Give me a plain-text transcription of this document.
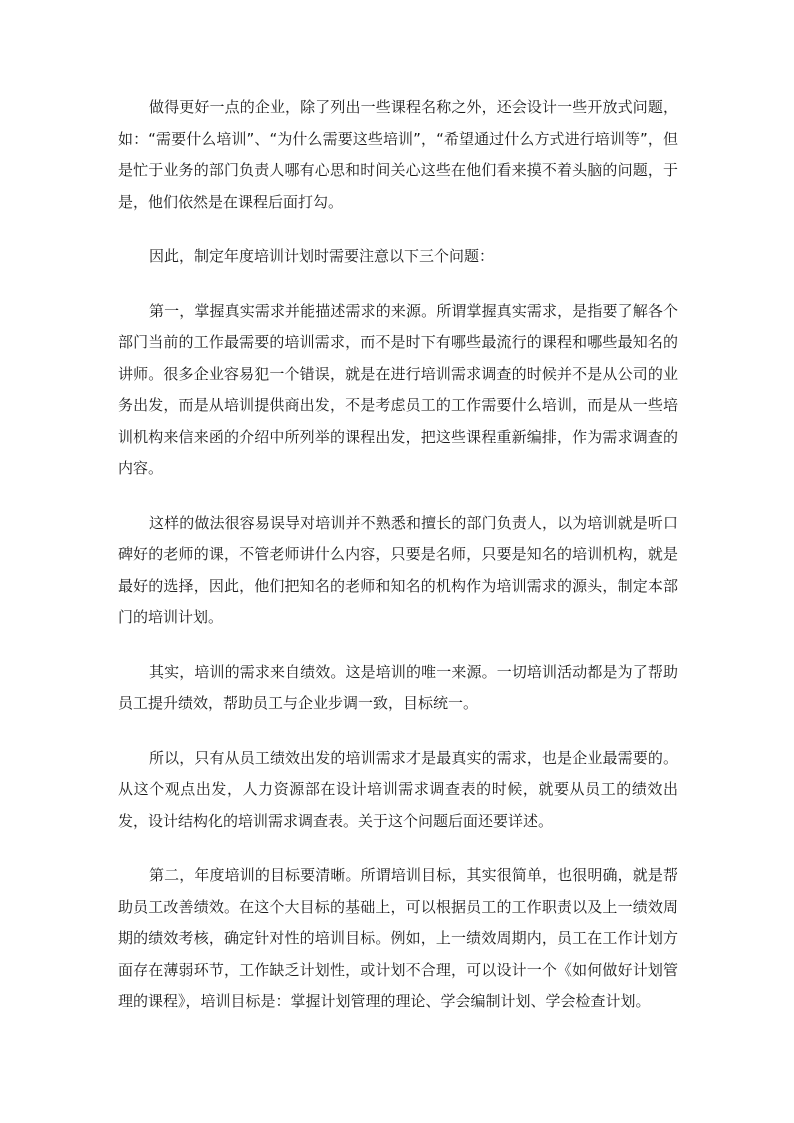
做得更好一点的企业，除了列出一些课程名称之外，还会设计一些开放式问题，如：“需要什么培训”、“为什么需要这些培训”，“希望通过什么方式进行培训等”，但是忙于业务的部门负责人哪有心思和时间关心这些在他们看来摸不着头脑的问题，于是，他们依然是在课程后面打勾。

因此，制定年度培训计划时需要注意以下三个问题：

第一，掌握真实需求并能描述需求的来源。所谓掌握真实需求，是指要了解各个部门当前的工作最需要的培训需求，而不是时下有哪些最流行的课程和哪些最知名的讲师。很多企业容易犯一个错误，就是在进行培训需求调查的时候并不是从公司的业务出发，而是从培训提供商出发，不是考虑员工的工作需要什么培训，而是从一些培训机构来信来函的介绍中所列举的课程出发，把这些课程重新编排，作为需求调查的内容。

这样的做法很容易误导对培训并不熟悉和擅长的部门负责人，以为培训就是听口碑好的老师的课，不管老师讲什么内容，只要是名师，只要是知名的培训机构，就是最好的选择，因此，他们把知名的老师和知名的机构作为培训需求的源头，制定本部门的培训计划。

其实，培训的需求来自绩效。这是培训的唯一来源。一切培训活动都是为了帮助员工提升绩效，帮助员工与企业步调一致，目标统一。

所以，只有从员工绩效出发的培训需求才是最真实的需求，也是企业最需要的。从这个观点出发，人力资源部在设计培训需求调查表的时候，就要从员工的绩效出发，设计结构化的培训需求调查表。关于这个问题后面还要详述。

第二，年度培训的目标要清晰。所谓培训目标，其实很简单，也很明确，就是帮助员工改善绩效。在这个大目标的基础上，可以根据员工的工作职责以及上一绩效周期的绩效考核，确定针对性的培训目标。例如，上一绩效周期内，员工在工作计划方面存在薄弱环节，工作缺乏计划性，或计划不合理，可以设计一个《如何做好计划管理的课程》，培训目标是：掌握计划管理的理论、学会编制计划、学会检查计划。
